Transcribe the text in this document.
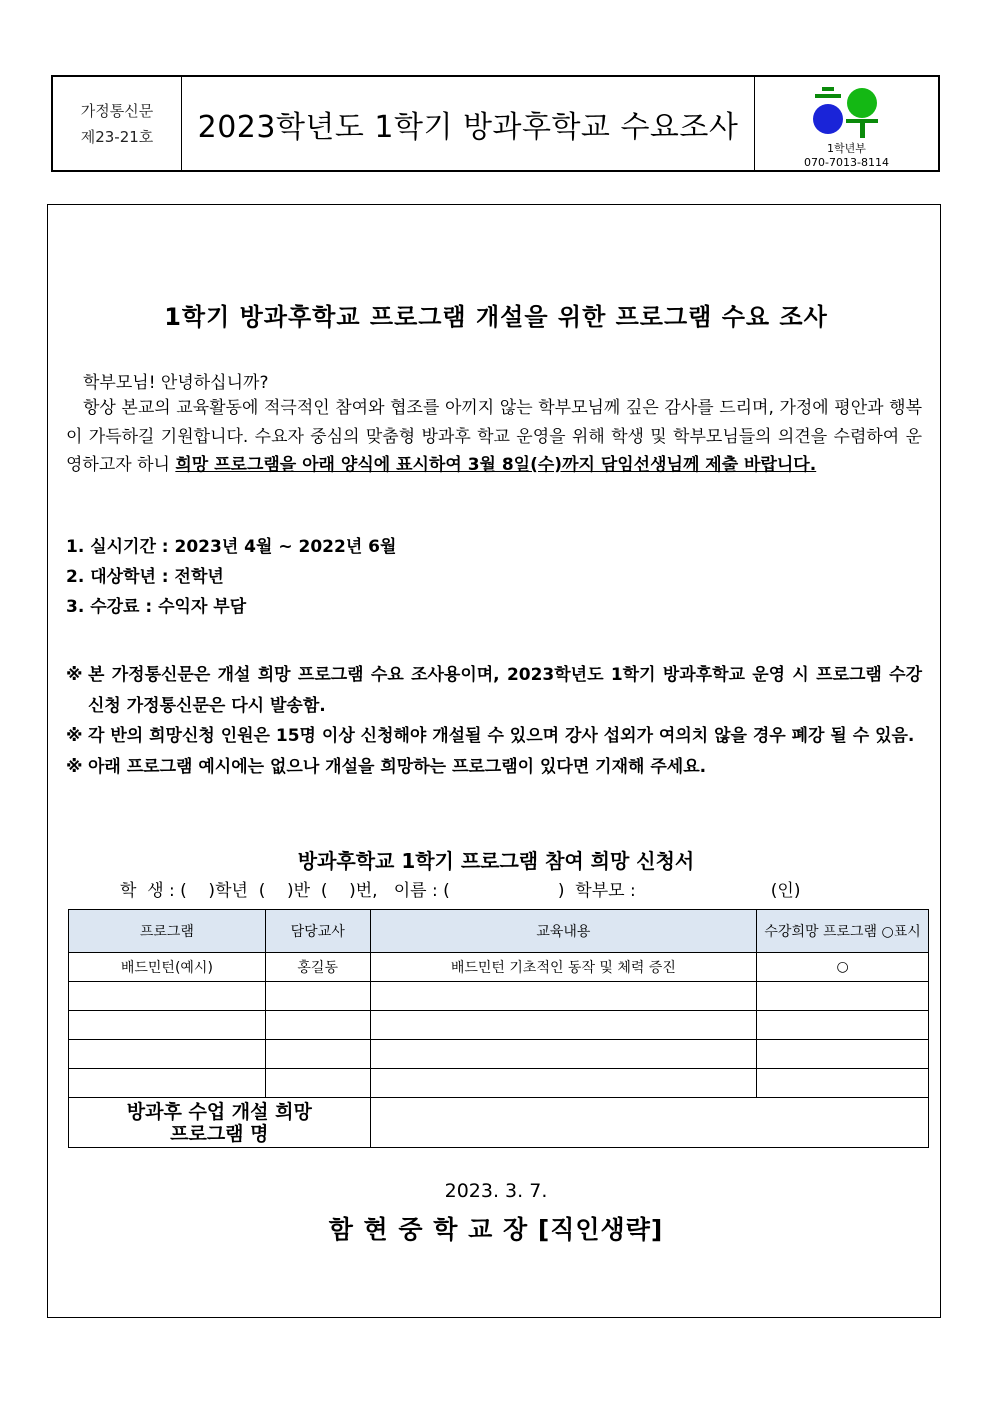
가정통신문
제23-21호	2023학년도 1학기 방과후학교 수요조사
1학년부
070-7013-8114
1학기 방과후학교 프로그램 개설을 위한 프로그램 수요 조사
학부모님! 안녕하십니까?
항상 본교의 교육활동에 적극적인 참여와 협조를 아끼지 않는 학부모님께 깊은 감사를 드리며, 가정에 평안과 행복이 가득하길 기원합니다. 수요자 중심의 맞춤형 방과후 학교 운영을 위해 학생 및 학부모님들의 의견을 수렴하여 운영하고자 하니 희망 프로그램을 아래 양식에 표시하여 3월 8일(수)까지 담임선생님께 제출 바랍니다.
1. 실시기간 : 2023년 4월 ~ 2022년 6월
2. 대상학년 : 전학년
3. 수강료 : 수익자 부담
※ 본 가정통신문은 개설 희망 프로그램 수요 조사용이며, 2023학년도 1학기 방과후학교 운영 시 프로그램 수강 신청 가정통신문은 다시 발송함.
※ 각 반의 희망신청 인원은 15명 이상 신청해야 개설될 수 있으며 강사 섭외가 여의치 않을 경우 폐강 될 수 있음.
※ 아래 프로그램 예시에는 없으나 개설을 희망하는 프로그램이 있다면 기재해 주세요.
방과후학교 1학기 프로그램 참여 희망 신청서
학  생 : (    )학년  (    )반  (    )번,   이름 : (                    )  학부모 :                         (인)
프로그램	담당교사	교육내용	수강희망 프로그램 ○표시
배드민턴(예시)	홍길동	배드민턴 기초적인 동작 및 체력 증진	○

방과후 수업 개설 희망
프로그램 명			

2023. 3. 7.
함 현 중 학 교 장 [직인생략]
